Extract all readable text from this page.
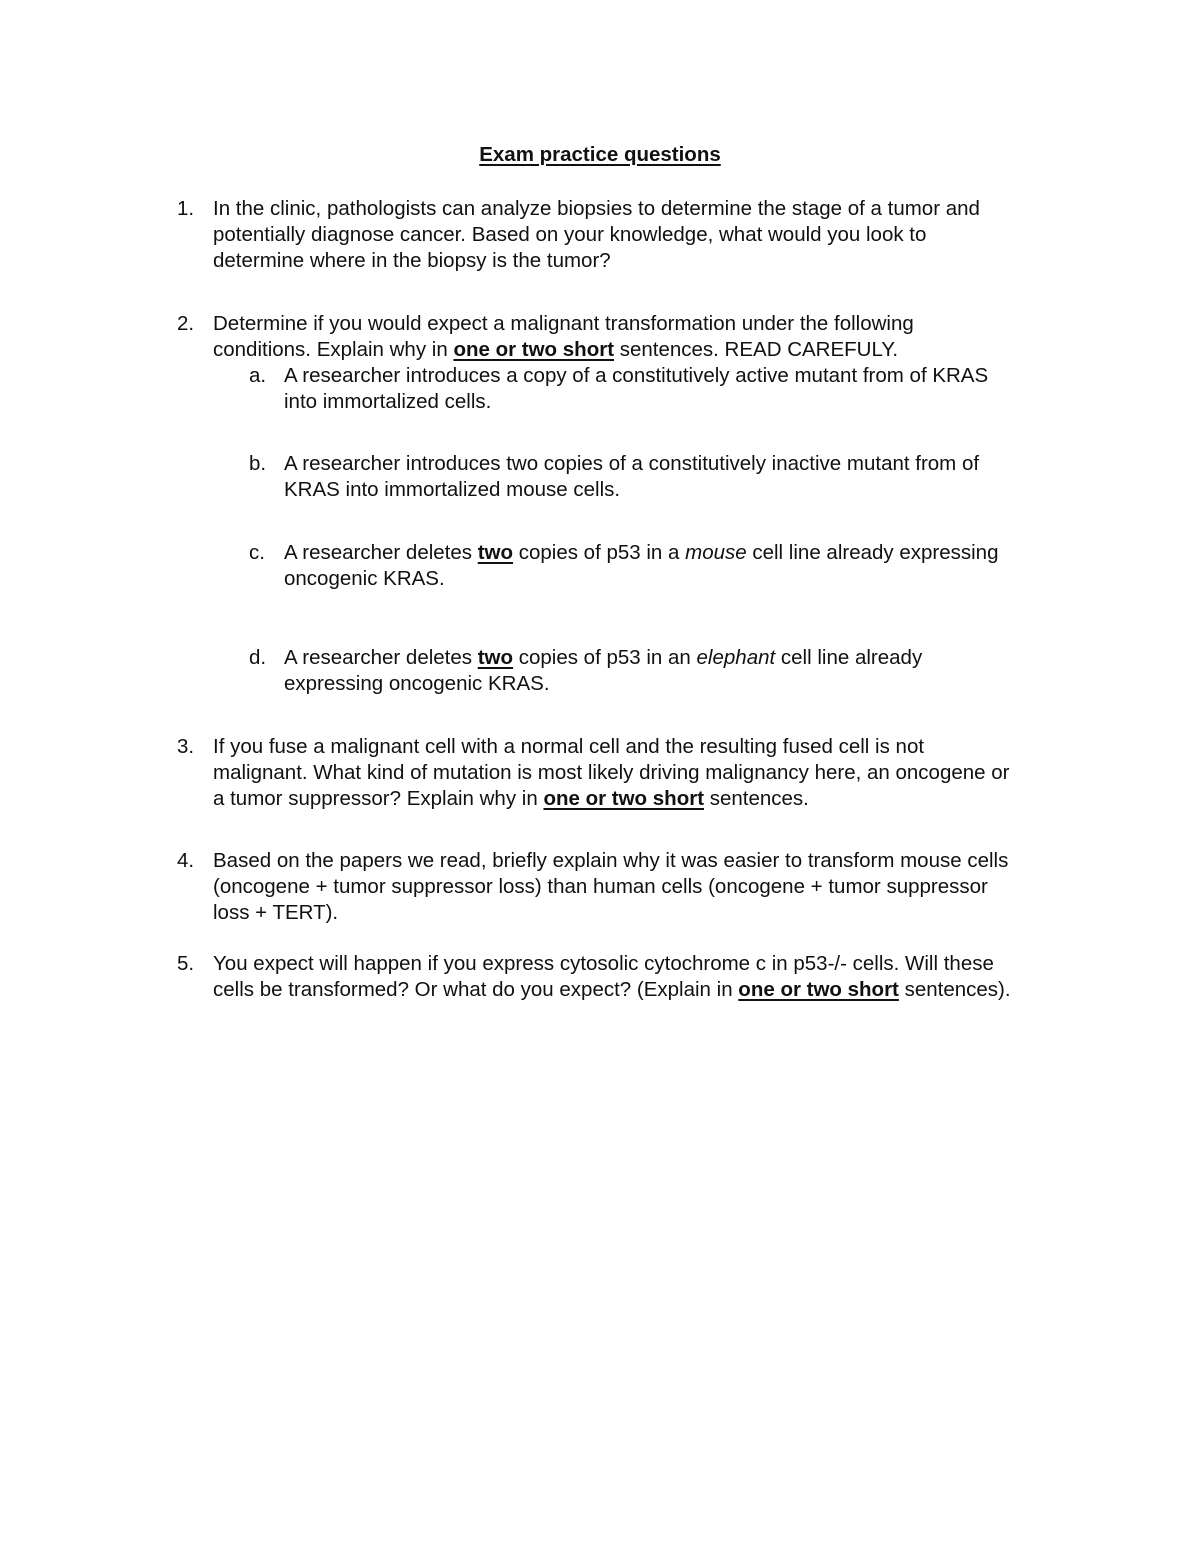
Exam practice questions
1. In the clinic, pathologists can analyze biopsies to determine the stage of a tumor and
potentially diagnose cancer. Based on your knowledge, what would you look to
determine where in the biopsy is the tumor?
2. Determine if you would expect a malignant transformation under the following
conditions. Explain why in one or two short sentences. READ CAREFULY.
a. A researcher introduces a copy of a constitutively active mutant from of KRAS
into immortalized cells.
b. A researcher introduces two copies of a constitutively inactive mutant from of
KRAS into immortalized mouse cells.
c. A researcher deletes two copies of p53 in a mouse cell line already expressing
oncogenic KRAS.
d. A researcher deletes two copies of p53 in an elephant cell line already
expressing oncogenic KRAS.
3. If you fuse a malignant cell with a normal cell and the resulting fused cell is not
malignant. What kind of mutation is most likely driving malignancy here, an oncogene or
a tumor suppressor? Explain why in one or two short sentences.
4. Based on the papers we read, briefly explain why it was easier to transform mouse cells
(oncogene + tumor suppressor loss) than human cells (oncogene + tumor suppressor
loss + TERT).
5. You expect will happen if you express cytosolic cytochrome c in p53-/- cells. Will these
cells be transformed? Or what do you expect? (Explain in one or two short sentences).
